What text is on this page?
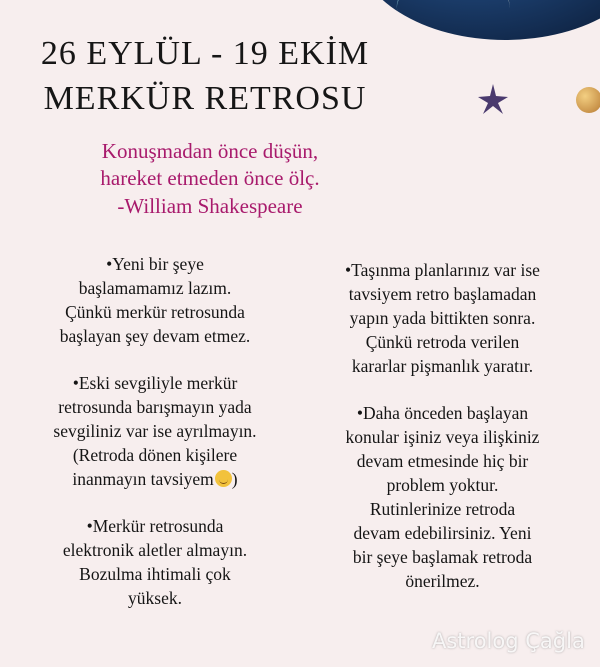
26 EYLÜL - 19 EKİM
MERKÜR RETROSU
Konuşmadan önce düşün,
hareket etmeden önce ölç.
-William Shakespeare

•Yeni bir şeye
başlamamamız lazım.
Çünkü merkür retrosunda
başlayan şey devam etmez.

•Eski sevgiliyle merkür
retrosunda barışmayın yada
sevgiliniz var ise ayrılmayın.
(Retroda dönen kişilere
inanmayın tavsiyem )

•Merkür retrosunda
elektronik aletler almayın.
Bozulma ihtimali çok
yüksek.

•Taşınma planlarınız var ise
tavsiyem retro başlamadan
yapın yada bittikten sonra.
Çünkü retroda verilen
kararlar pişmanlık yaratır.

•Daha önceden başlayan
konular işiniz veya ilişkiniz
devam etmesinde hiç bir
problem yoktur.
Rutinlerinize retroda
devam edebilirsiniz. Yeni
bir şeye başlamak retroda
önerilmez.

Astrolog Çağla
